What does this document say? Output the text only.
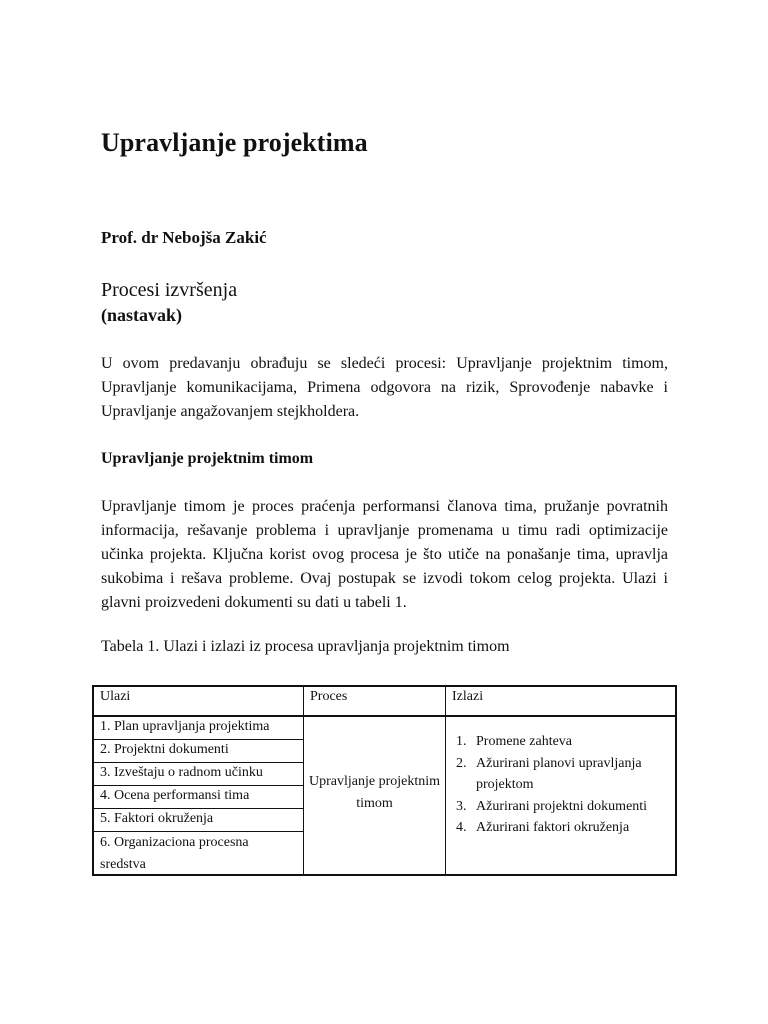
Upravljanje projektima

Prof. dr Nebojša Zakić

Procesi izvršenja

(nastavak)

U ovom predavanju obrađuju se sledeći procesi: Upravljanje projektnim timom, Upravljanje komunikacijama, Primena odgovora na rizik, Sprovođenje nabavke i Upravljanje angažovanjem stejkholdera.

Upravljanje projektnim timom

Upravljanje timom je proces praćenja performansi članova tima, pružanje povratnih informacija, rešavanje problema i upravljanje promenama u timu radi optimizacije učinka projekta. Ključna korist ovog procesa je što utiče na ponašanje tima, upravlja sukobima i rešava probleme. Ovaj postupak se izvodi tokom celog projekta. Ulazi i glavni proizvedeni dokumenti su dati u tabeli 1.

Tabela 1. Ulazi i izlazi iz procesa upravljanja projektnim timom

Ulazi
1. Plan upravljanja projektima
2. Projektni dokumenti
3. Izveštaju o radnom učinku
4. Ocena performansi tima
5. Faktori okruženja
6. Organizaciona procesna sredstva
Proces
Upravljanje projektnim timom
Izlazi
1. Promene zahteva
2. Ažurirani planovi upravljanja projektom
3. Ažurirani projektni dokumenti
4. Ažurirani faktori okruženja
